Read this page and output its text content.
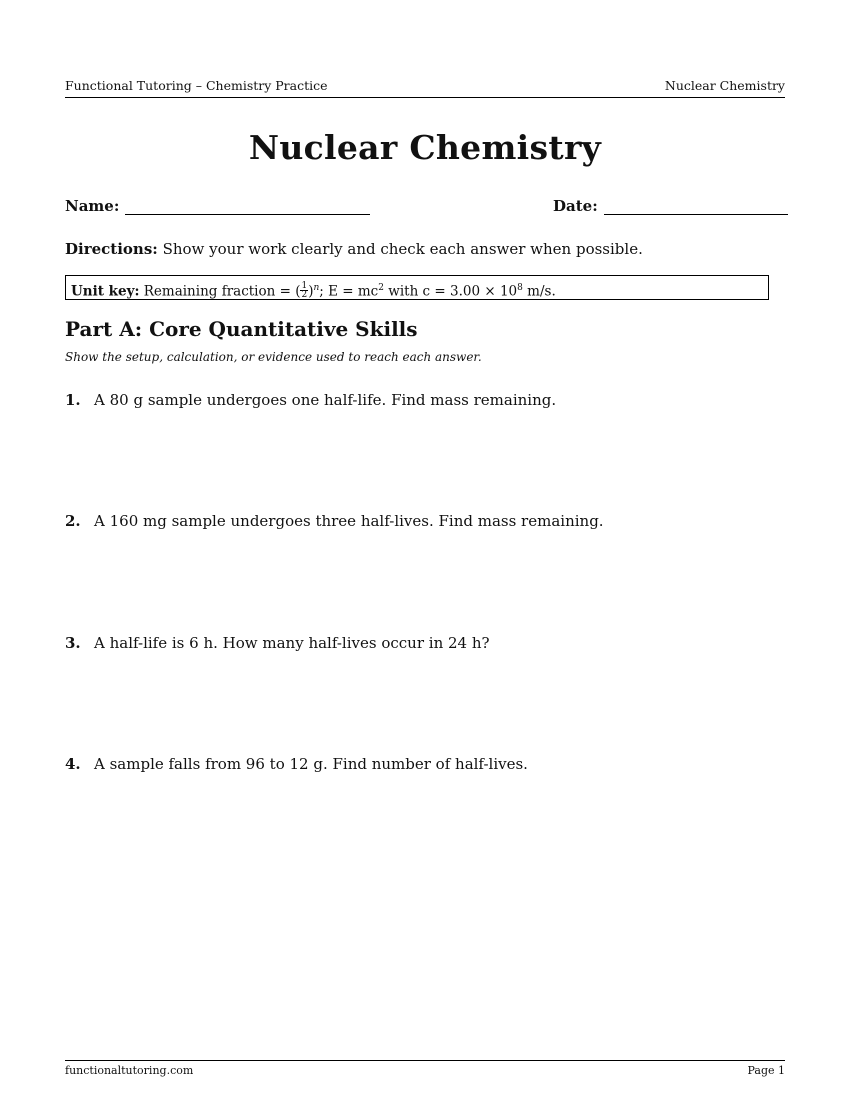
Functional Tutoring – Chemistry Practice	Nuclear Chemistry
Nuclear Chemistry
Name:	Date:
Directions: Show your work clearly and check each answer when possible.
Unit key: Remaining fraction = ( $\frac{1}{2} )^n$; $E = mc^2$ with $c = 3.00 \times 10^8$ m/s.
Part A: Core Quantitative Skills
Show the setup, calculation, or evidence used to reach each answer.
1. A 80 g sample undergoes one half-life. Find mass remaining.
2. A 160 mg sample undergoes three half-lives. Find mass remaining.
3. A half-life is 6 h. How many half-lives occur in 24 h?
4. A sample falls from 96 to 12 g. Find number of half-lives.
functionaltutoring.com	Page 1
